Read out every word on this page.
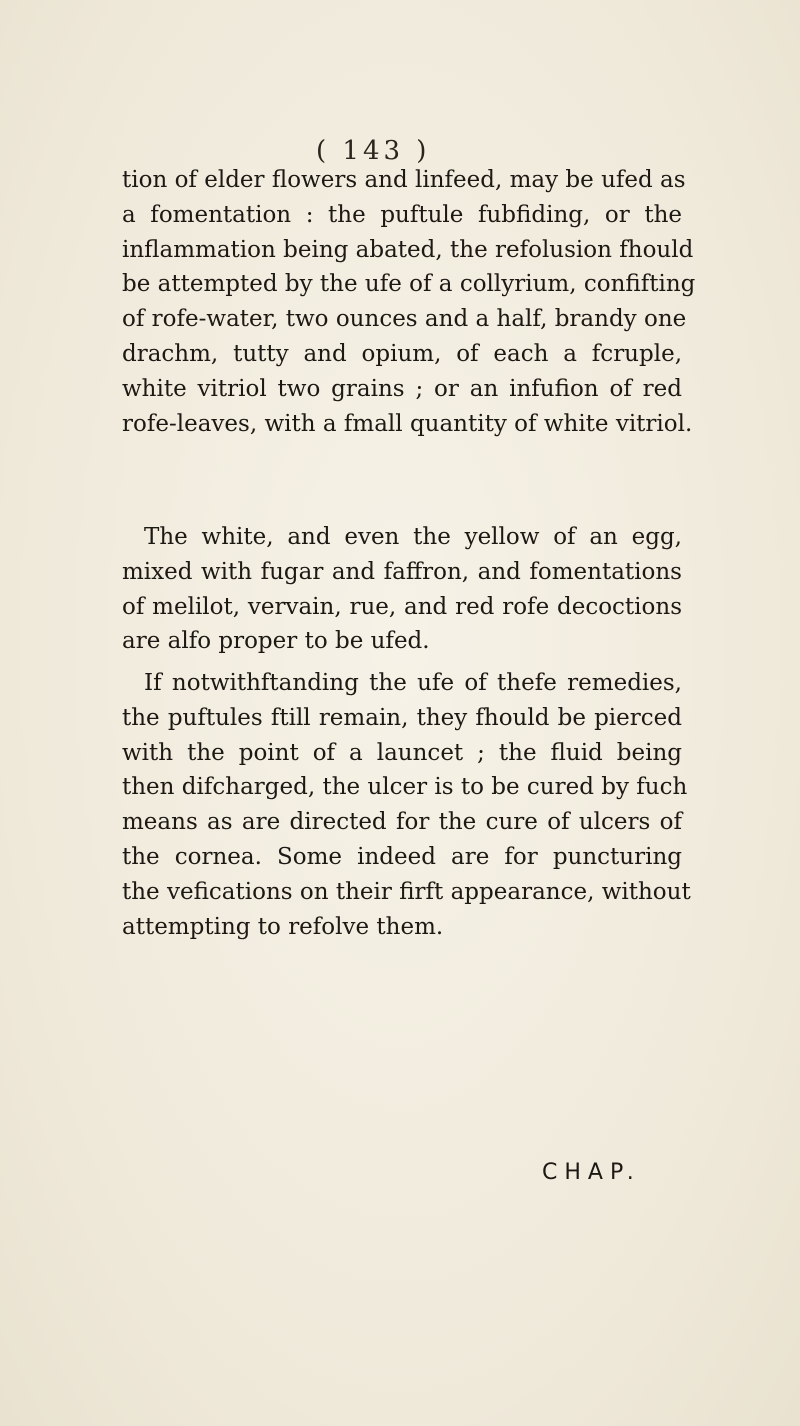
( 143 )
tion of elder flowers and linfeed, may be ufed as
a fomentation : the puftule fubfiding, or the
inflammation being abated, the refolusion fhould
be attempted by the ufe of a collyrium, confifting
of rofe-water, two ounces and a half, brandy one
drachm, tutty and opium, of each a fcruple,
white vitriol two grains ; or an infufion of red
rofe-leaves, with a fmall quantity of white vitriol.
The white, and even the yellow of an egg,
mixed with fugar and faffron, and fomentations
of melilot, vervain, rue, and red rofe decoctions
are alfo proper to be ufed.
If notwithftanding the ufe of thefe remedies,
the puftules ftill remain, they fhould be pierced
with the point of a launcet ; the fluid being
then difcharged, the ulcer is to be cured by fuch
means as are directed for the cure of ulcers of
the cornea. Some indeed are for puncturing
the vefications on their firft appearance, without
attempting to refolve them.
CHAP.
